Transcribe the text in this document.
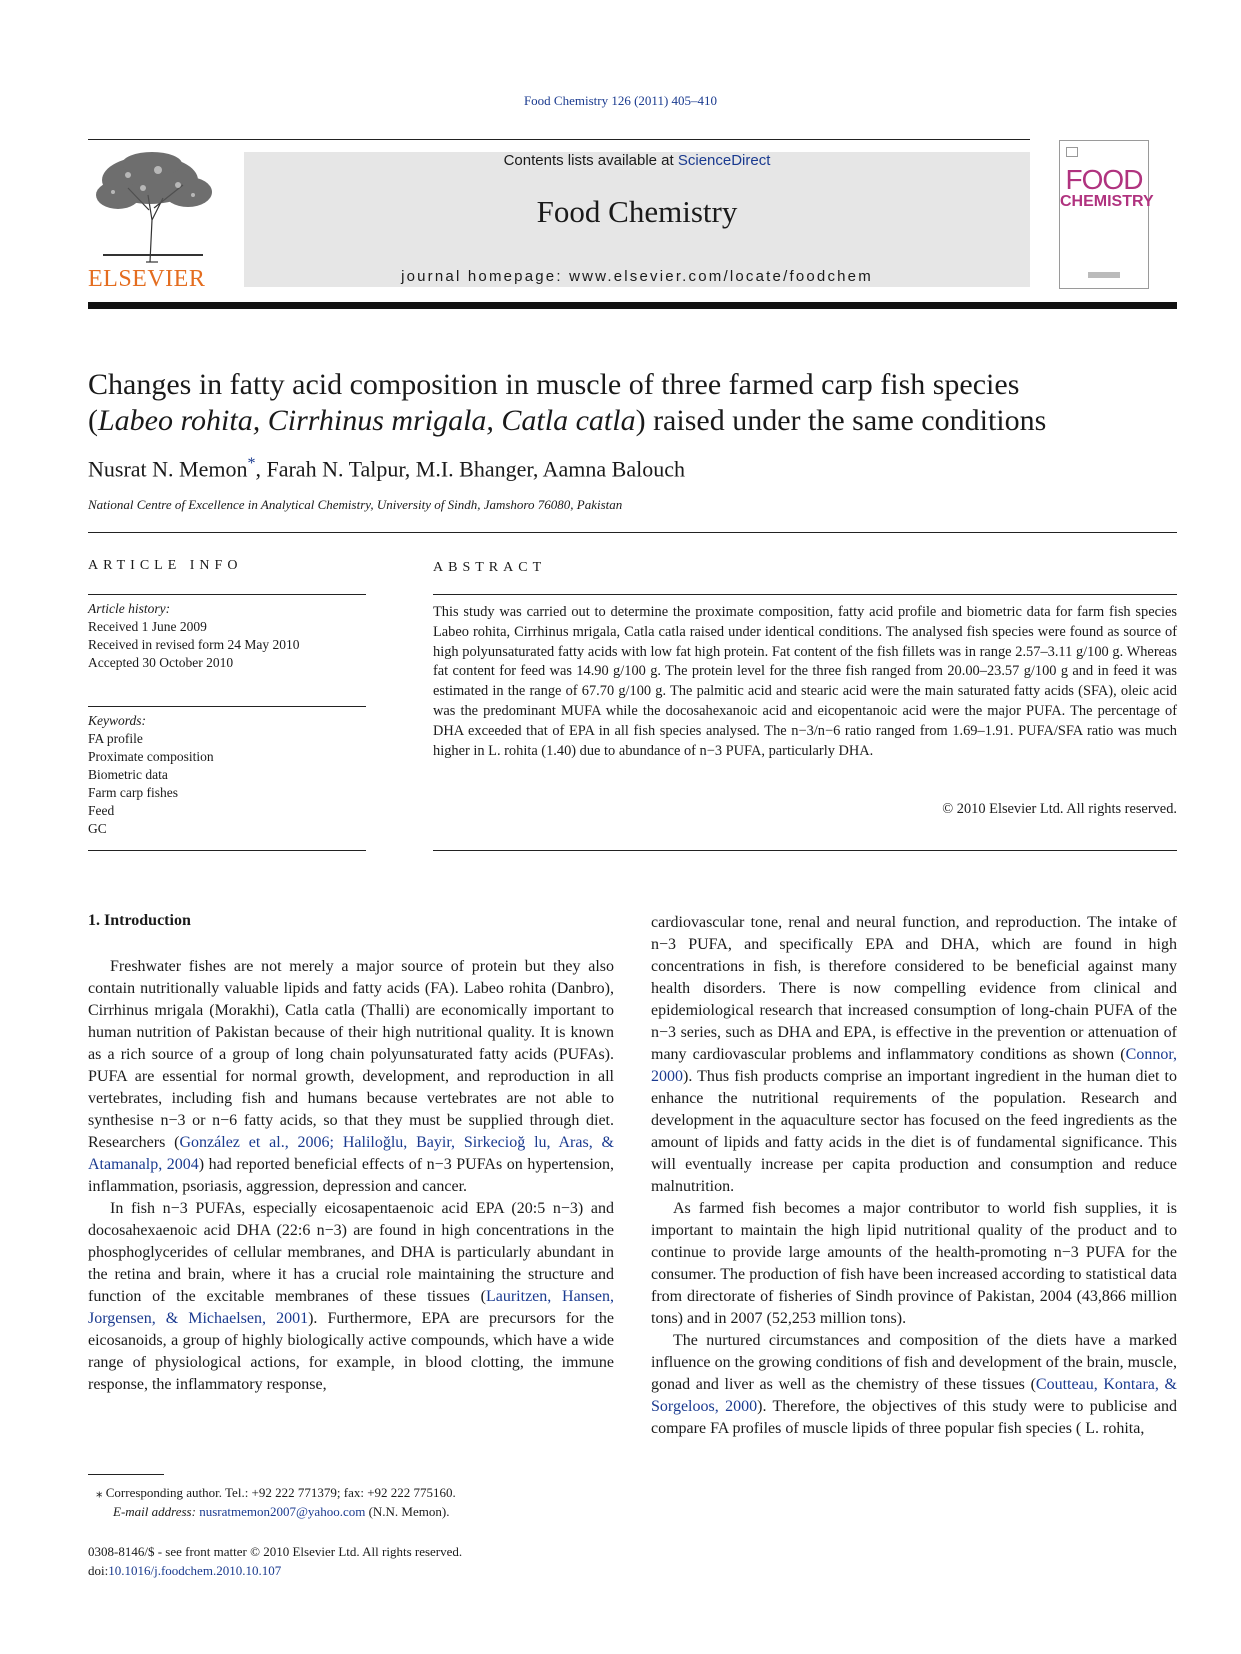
Food Chemistry 126 (2011) 405–410
ELSEVIER
Contents lists available at ScienceDirect
Food Chemistry
journal homepage: www.elsevier.com/locate/foodchem
FOOD
CHEMISTRY
Changes in fatty acid composition in muscle of three farmed carp fish species
(Labeo rohita, Cirrhinus mrigala, Catla catla) raised under the same conditions
Nusrat N. Memon*, Farah N. Talpur, M.I. Bhanger, Aamna Balouch
National Centre of Excellence in Analytical Chemistry, University of Sindh, Jamshoro 76080, Pakistan
ARTICLE INFO
Article history:
Received 1 June 2009
Received in revised form 24 May 2010
Accepted 30 October 2010
Keywords:
FA profile
Proximate composition
Biometric data
Farm carp fishes
Feed
GC
ABSTRACT
This study was carried out to determine the proximate composition, fatty acid profile and biometric data for farm fish species Labeo rohita, Cirrhinus mrigala, Catla catla raised under identical conditions. The analysed fish species were found as source of high polyunsaturated fatty acids with low fat high protein. Fat content of the fish fillets was in range 2.57–3.11 g/100 g. Whereas fat content for feed was 14.90 g/100 g. The protein level for the three fish ranged from 20.00–23.57 g/100 g and in feed it was estimated in the range of 67.70 g/100 g. The palmitic acid and stearic acid were the main saturated fatty acids (SFA), oleic acid was the predominant MUFA while the docosahexanoic acid and eicopentanoic acid were the major PUFA. The percentage of DHA exceeded that of EPA in all fish species analysed. The n−3/n−6 ratio ranged from 1.69–1.91. PUFA/SFA ratio was much higher in L. rohita (1.40) due to abundance of n−3 PUFA, particularly DHA.
© 2010 Elsevier Ltd. All rights reserved.
1. Introduction

Freshwater fishes are not merely a major source of protein but they also contain nutritionally valuable lipids and fatty acids (FA). Labeo rohita (Danbro), Cirrhinus mrigala (Morakhi), Catla catla (Thalli) are economically important to human nutrition of Pakistan because of their high nutritional quality. It is known as a rich source of a group of long chain polyunsaturated fatty acids (PUFAs). PUFA are essential for normal growth, development, and reproduction in all vertebrates, including fish and humans because vertebrates are not able to synthesise n−3 or n−6 fatty acids, so that they must be supplied through diet. Researchers (González et al., 2006; Haliloğlu, Bayir, Sirkecioğ lu, Aras, & Atamanalp, 2004) had reported beneficial effects of n−3 PUFAs on hypertension, inflammation, psoriasis, aggression, depression and cancer.

In fish n−3 PUFAs, especially eicosapentaenoic acid EPA (20:5 n−3) and docosahexaenoic acid DHA (22:6 n−3) are found in high concentrations in the phosphoglycerides of cellular membranes, and DHA is particularly abundant in the retina and brain, where it has a crucial role maintaining the structure and function of the excitable membranes of these tissues (Lauritzen, Hansen, Jorgensen, & Michaelsen, 2001). Furthermore, EPA are precursors for the eicosanoids, a group of highly biologically active compounds, which have a wide range of physiological actions, for example, in blood clotting, the immune response, the inflammatory response,

cardiovascular tone, renal and neural function, and reproduction. The intake of n−3 PUFA, and specifically EPA and DHA, which are found in high concentrations in fish, is therefore considered to be beneficial against many health disorders. There is now compelling evidence from clinical and epidemiological research that increased consumption of long-chain PUFA of the n−3 series, such as DHA and EPA, is effective in the prevention or attenuation of many cardiovascular problems and inflammatory conditions as shown (Connor, 2000). Thus fish products comprise an important ingredient in the human diet to enhance the nutritional requirements of the population. Research and development in the aquaculture sector has focused on the feed ingredients as the amount of lipids and fatty acids in the diet is of fundamental significance. This will eventually increase per capita production and consumption and reduce malnutrition.

As farmed fish becomes a major contributor to world fish supplies, it is important to maintain the high lipid nutritional quality of the product and to continue to provide large amounts of the health-promoting n−3 PUFA for the consumer. The production of fish have been increased according to statistical data from directorate of fisheries of Sindh province of Pakistan, 2004 (43,866 million tons) and in 2007 (52,253 million tons).

The nurtured circumstances and composition of the diets have a marked influence on the growing conditions of fish and development of the brain, muscle, gonad and liver as well as the chemistry of these tissues (Coutteau, Kontara, & Sorgeloos, 2000). Therefore, the objectives of this study were to publicise and compare FA profiles of muscle lipids of three popular fish species ( L. rohita,

⁎ Corresponding author. Tel.: +92 222 771379; fax: +92 222 775160.
E-mail address: nusratmemon2007@yahoo.com (N.N. Memon).
0308-8146/$ - see front matter © 2010 Elsevier Ltd. All rights reserved.
doi:10.1016/j.foodchem.2010.10.107
